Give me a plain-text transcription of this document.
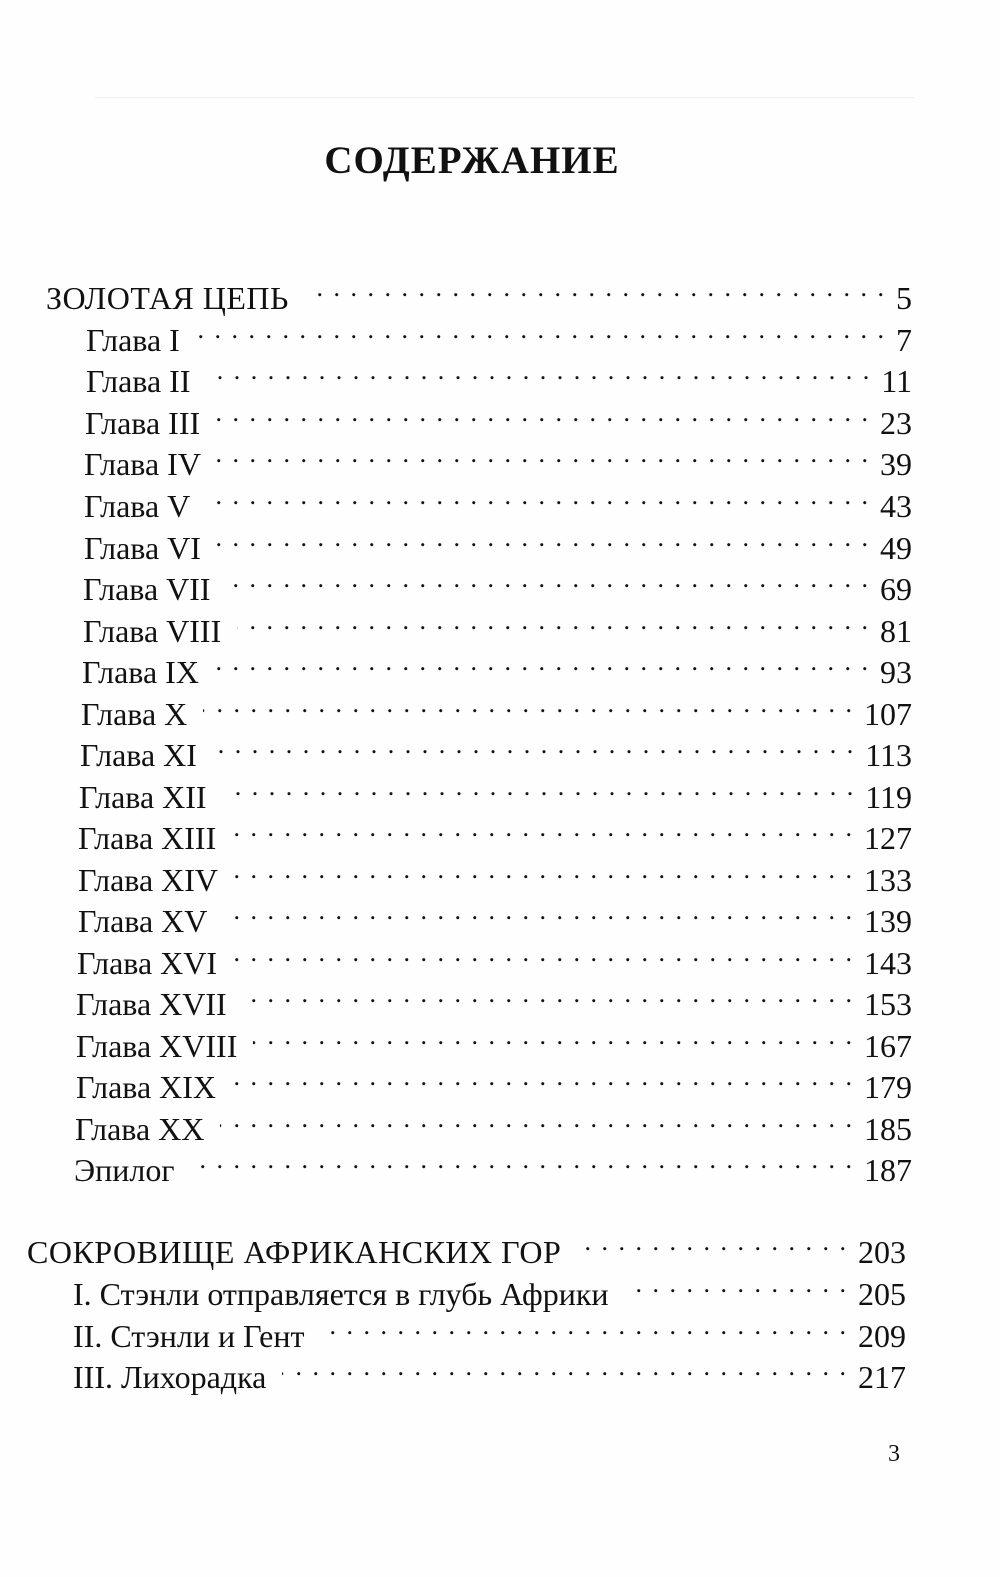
СОДЕРЖАНИЕ
ЗОЛОТАЯ ЦЕПЬ . . .	5
Глава I . . .	7
Глава II . . .	11
Глава III . . .	23
Глава IV . . .	39
Глава V . . .	43
Глава VI . . .	49
Глава VII . . .	69
Глава VIII . . .	81
Глава IX . . .	93
Глава X . . .	107
Глава XI . . .	113
Глава XII . . .	119
Глава XIII . . .	127
Глава XIV . . .	133
Глава XV . . .	139
Глава XVI . . .	143
Глава XVII . . .	153
Глава XVIII . . .	167
Глава XIX . . .	179
Глава XX . . .	185
Эпилог . . .	187
СОКРОВИЩЕ АФРИКАНСКИХ ГОР . . .	203
I. Стэнли отправляется в глубь Африки . . .	205
II. Стэнли и Гент . . .	209
III. Лихорадка . . .	217
3
